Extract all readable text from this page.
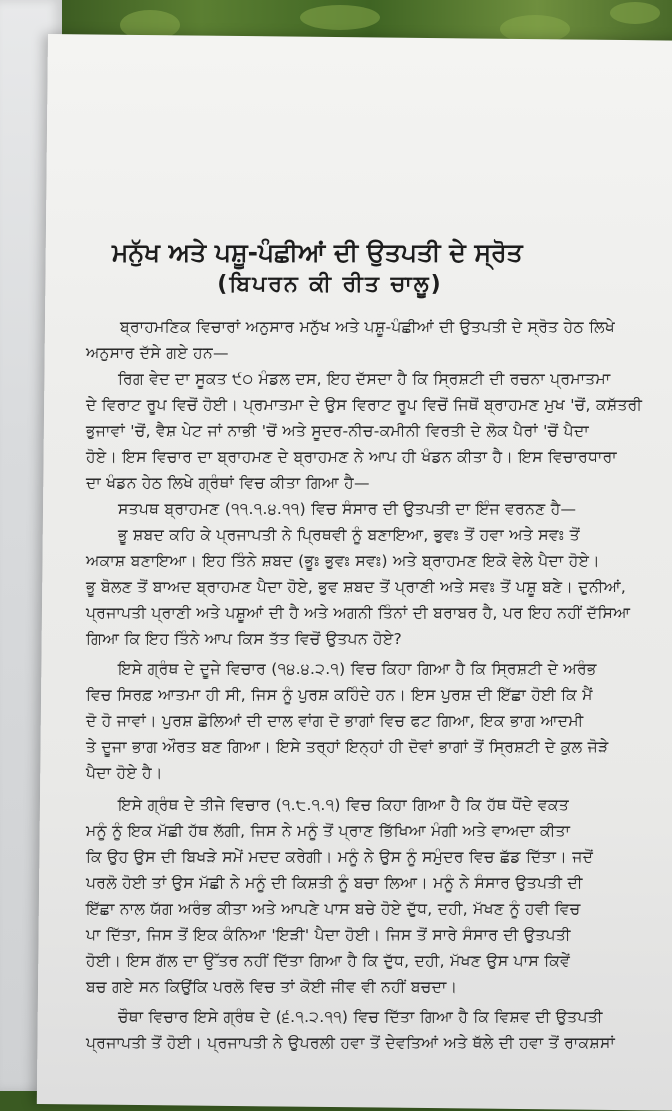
ਮਨੁੱਖ ਅਤੇ ਪਸ਼ੂ-ਪੰਛੀਆਂ ਦੀ ਉਤਪਤੀ ਦੇ ਸ੍ਰੋਤ
(ਬਿਪਰਨ ਕੀ ਰੀਤ ਚਾਲੂ)
ਬ੍ਰਾਹਮਣਿਕ ਵਿਚਾਰਾਂ ਅਨੁਸਾਰ ਮਨੁੱਖ ਅਤੇ ਪਸ਼ੂ-ਪੰਛੀਆਂ ਦੀ ਉਤਪਤੀ ਦੇ ਸ੍ਰੋਤ ਹੇਠ ਲਿਖੇ
ਅਨੁਸਾਰ ਦੱਸੇ ਗਏ ਹਨ—
ਰਿਗ ਵੇਦ ਦਾ ਸੂਕਤ ੯੦ ਮੰਡਲ ਦਸ, ਇਹ ਦੱਸਦਾ ਹੈ ਕਿ ਸ੍ਰਿਸ਼ਟੀ ਦੀ ਰਚਨਾ ਪ੍ਰਮਾਤਮਾ
ਦੇ ਵਿਰਾਟ ਰੂਪ ਵਿਚੋਂ ਹੋਈ। ਪ੍ਰਮਾਤਮਾ ਦੇ ਉਸ ਵਿਰਾਟ ਰੂਪ ਵਿਚੋਂ ਜਿਥੋਂ ਬ੍ਰਾਹਮਣ ਮੁਖ 'ਚੋਂ, ਕਸ਼ੱਤਰੀ
ਭੁਜਾਵਾਂ 'ਚੋਂ, ਵੈਸ਼ ਪੇਟ ਜਾਂ ਨਾਭੀ 'ਚੋਂ ਅਤੇ ਸੂਦਰ-ਨੀਚ-ਕਮੀਨੀ ਵਿਰਤੀ ਦੇ ਲੋਕ ਪੈਰਾਂ 'ਚੋਂ ਪੈਦਾ
ਹੋਏ। ਇਸ ਵਿਚਾਰ ਦਾ ਬ੍ਰਾਹਮਣ ਦੇ ਬ੍ਰਾਹਮਣ ਨੇ ਆਪ ਹੀ ਖੰਡਨ ਕੀਤਾ ਹੈ। ਇਸ ਵਿਚਾਰਧਾਰਾ
ਦਾ ਖੰਡਨ ਹੇਠ ਲਿਖੇ ਗ੍ਰੰਥਾਂ ਵਿਚ ਕੀਤਾ ਗਿਆ ਹੈ—
ਸਤਪਥ ਬ੍ਰਾਹਮਣ (੧੧.੧.੪.੧੧) ਵਿਚ ਸੰਸਾਰ ਦੀ ਉਤਪਤੀ ਦਾ ਇੰਜ ਵਰਨਣ ਹੈ—
ਭੂ ਸ਼ਬਦ ਕਹਿ ਕੇ ਪ੍ਰਜਾਪਤੀ ਨੇ ਪ੍ਰਿਥਵੀ ਨੂੰ ਬਣਾਇਆ, ਭੁਵਃ ਤੋਂ ਹਵਾ ਅਤੇ ਸਵਃ ਤੋਂ
ਅਕਾਸ਼ ਬਣਾਇਆ। ਇਹ ਤਿੰਨੇ ਸ਼ਬਦ (ਭੂਃ ਭੁਵਃ ਸਵਃ) ਅਤੇ ਬ੍ਰਾਹਮਣ ਇਕੋ ਵੇਲੇ ਪੈਦਾ ਹੋਏ।
ਭੂ ਬੋਲਣ ਤੋਂ ਬਾਅਦ ਬ੍ਰਾਹਮਣ ਪੈਦਾ ਹੋਏ, ਭੁਵ ਸ਼ਬਦ ਤੋਂ ਪ੍ਰਾਣੀ ਅਤੇ ਸਵਃ ਤੋਂ ਪਸ਼ੂ ਬਣੇ। ਦੁਨੀਆਂ,
ਪ੍ਰਜਾਪਤੀ ਪ੍ਰਾਣੀ ਅਤੇ ਪਸ਼ੂਆਂ ਦੀ ਹੈ ਅਤੇ ਅਗਨੀ ਤਿੰਨਾਂ ਦੀ ਬਰਾਬਰ ਹੈ, ਪਰ ਇਹ ਨਹੀਂ ਦੱਸਿਆ
ਗਿਆ ਕਿ ਇਹ ਤਿੰਨੇ ਆਪ ਕਿਸ ਤੱਤ ਵਿਚੋਂ ਉਤਪਨ ਹੋਏ?
ਇਸੇ ਗ੍ਰੰਥ ਦੇ ਦੂਜੇ ਵਿਚਾਰ (੧੪.੪.੨.੧) ਵਿਚ ਕਿਹਾ ਗਿਆ ਹੈ ਕਿ ਸ੍ਰਿਸ਼ਟੀ ਦੇ ਅਰੰਭ
ਵਿਚ ਸਿਰਫ਼ ਆਤਮਾ ਹੀ ਸੀ, ਜਿਸ ਨੂੰ ਪੁਰਸ਼ ਕਹਿੰਦੇ ਹਨ। ਇਸ ਪੁਰਸ਼ ਦੀ ਇੱਛਾ ਹੋਈ ਕਿ ਮੈਂ
ਦੋ ਹੋ ਜਾਵਾਂ। ਪੁਰਸ਼ ਛੋਲਿਆਂ ਦੀ ਦਾਲ ਵਾਂਗ ਦੋ ਭਾਗਾਂ ਵਿਚ ਫਟ ਗਿਆ, ਇਕ ਭਾਗ ਆਦਮੀ
ਤੇ ਦੂਜਾ ਭਾਗ ਔਰਤ ਬਣ ਗਿਆ। ਇਸੇ ਤਰ੍ਹਾਂ ਇਨ੍ਹਾਂ ਹੀ ਦੋਵਾਂ ਭਾਗਾਂ ਤੋਂ ਸ੍ਰਿਸ਼ਟੀ ਦੇ ਕੁਲ ਜੋੜੇ
ਪੈਦਾ ਹੋਏ ਹੈ।
ਇਸੇ ਗ੍ਰੰਥ ਦੇ ਤੀਜੇ ਵਿਚਾਰ (੧.੮.੧.੧) ਵਿਚ ਕਿਹਾ ਗਿਆ ਹੈ ਕਿ ਹੱਥ ਧੋਂਦੇ ਵਕਤ
ਮਨੂੰ ਨੂੰ ਇਕ ਮੱਛੀ ਹੱਥ ਲੱਗੀ, ਜਿਸ ਨੇ ਮਨੂੰ ਤੋਂ ਪ੍ਰਾਣ ਭਿੱਖਿਆ ਮੰਗੀ ਅਤੇ ਵਾਅਦਾ ਕੀਤਾ
ਕਿ ਉਹ ਉਸ ਦੀ ਬਿਖੜੇ ਸਮੇਂ ਮਦਦ ਕਰੇਗੀ। ਮਨੂੰ ਨੇ ਉਸ ਨੂੰ ਸਮੁੰਦਰ ਵਿਚ ਛੱਡ ਦਿੱਤਾ। ਜਦੋਂ
ਪਰਲੋ ਹੋਈ ਤਾਂ ਉਸ ਮੱਛੀ ਨੇ ਮਨੂੰ ਦੀ ਕਿਸ਼ਤੀ ਨੂੰ ਬਚਾ ਲਿਆ। ਮਨੂੰ ਨੇ ਸੰਸਾਰ ਉਤਪਤੀ ਦੀ
ਇੱਛਾ ਨਾਲ ਯੱਗ ਅਰੰਭ ਕੀਤਾ ਅਤੇ ਆਪਣੇ ਪਾਸ ਬਚੇ ਹੋਏ ਦੁੱਧ, ਦਹੀ, ਮੱਖਣ ਨੂੰ ਹਵੀ ਵਿਚ
ਪਾ ਦਿੱਤਾ, ਜਿਸ ਤੋਂ ਇਕ ਕੰਨਿਆ 'ਇੜੀ' ਪੈਦਾ ਹੋਈ। ਜਿਸ ਤੋਂ ਸਾਰੇ ਸੰਸਾਰ ਦੀ ਉਤਪਤੀ
ਹੋਈ। ਇਸ ਗੱਲ ਦਾ ਉੱਤਰ ਨਹੀਂ ਦਿੱਤਾ ਗਿਆ ਹੈ ਕਿ ਦੁੱਧ, ਦਹੀ, ਮੱਖਣ ਉਸ ਪਾਸ ਕਿਵੇਂ
ਬਚ ਗਏ ਸਨ ਕਿਉਂਕਿ ਪਰਲੋ ਵਿਚ ਤਾਂ ਕੋਈ ਜੀਵ ਵੀ ਨਹੀਂ ਬਚਦਾ।
ਚੌਥਾ ਵਿਚਾਰ ਇਸੇ ਗ੍ਰੰਥ ਦੇ (੬.੧.੨.੧੧) ਵਿਚ ਦਿੱਤਾ ਗਿਆ ਹੈ ਕਿ ਵਿਸ਼ਵ ਦੀ ਉਤਪਤੀ
ਪ੍ਰਜਾਪਤੀ ਤੋਂ ਹੋਈ। ਪ੍ਰਜਾਪਤੀ ਨੇ ਉਪਰਲੀ ਹਵਾ ਤੋਂ ਦੇਵਤਿਆਂ ਅਤੇ ਥੱਲੇ ਦੀ ਹਵਾ ਤੋਂ ਰਾਕਸ਼ਸਾਂ
